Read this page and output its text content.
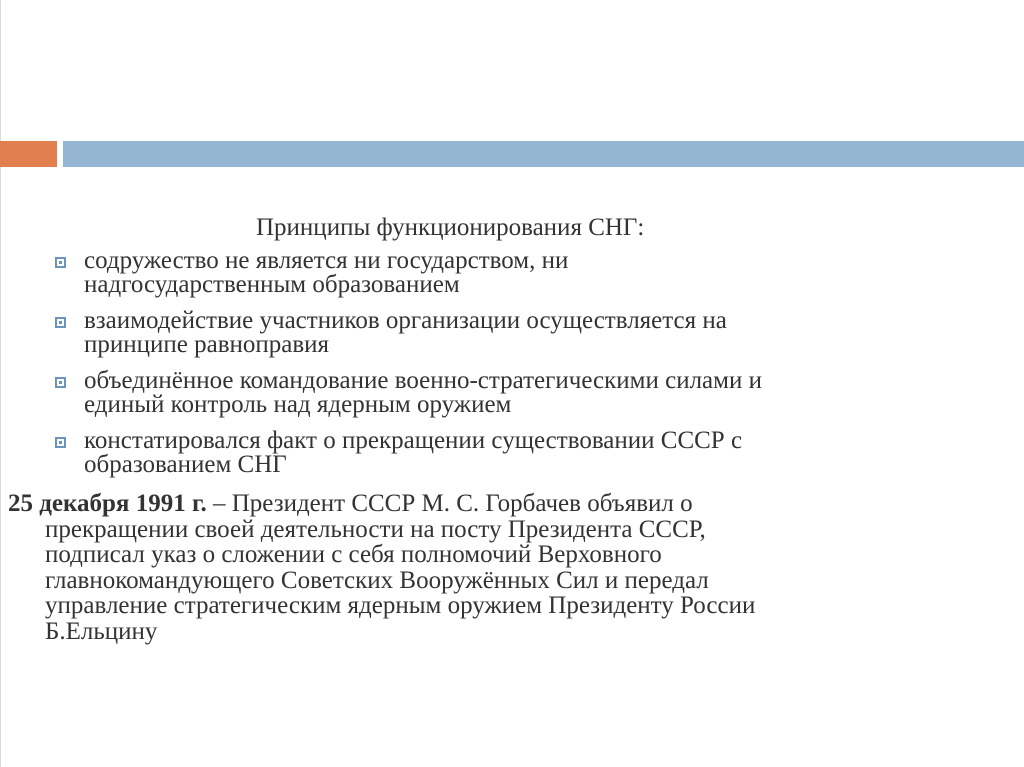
Принципы функционирования СНГ:
содружество не является ни государством, ни
надгосударственным образованием
взаимодействие участников организации осуществляется на
принципе равноправия
объединённое командование военно-стратегическими силами и
единый контроль над ядерным оружием
констатировался факт о прекращении существовании СССР с
образованием СНГ

25 декабря 1991 г. – Президент СССР М. С. Горбачев объявил о
прекращении своей деятельности на посту Президента СССР,
подписал указ о сложении с себя полномочий Верховного
главнокомандующего Советских Вооружённых Сил и передал
управление стратегическим ядерным оружием Президенту России
Б.Ельцину
